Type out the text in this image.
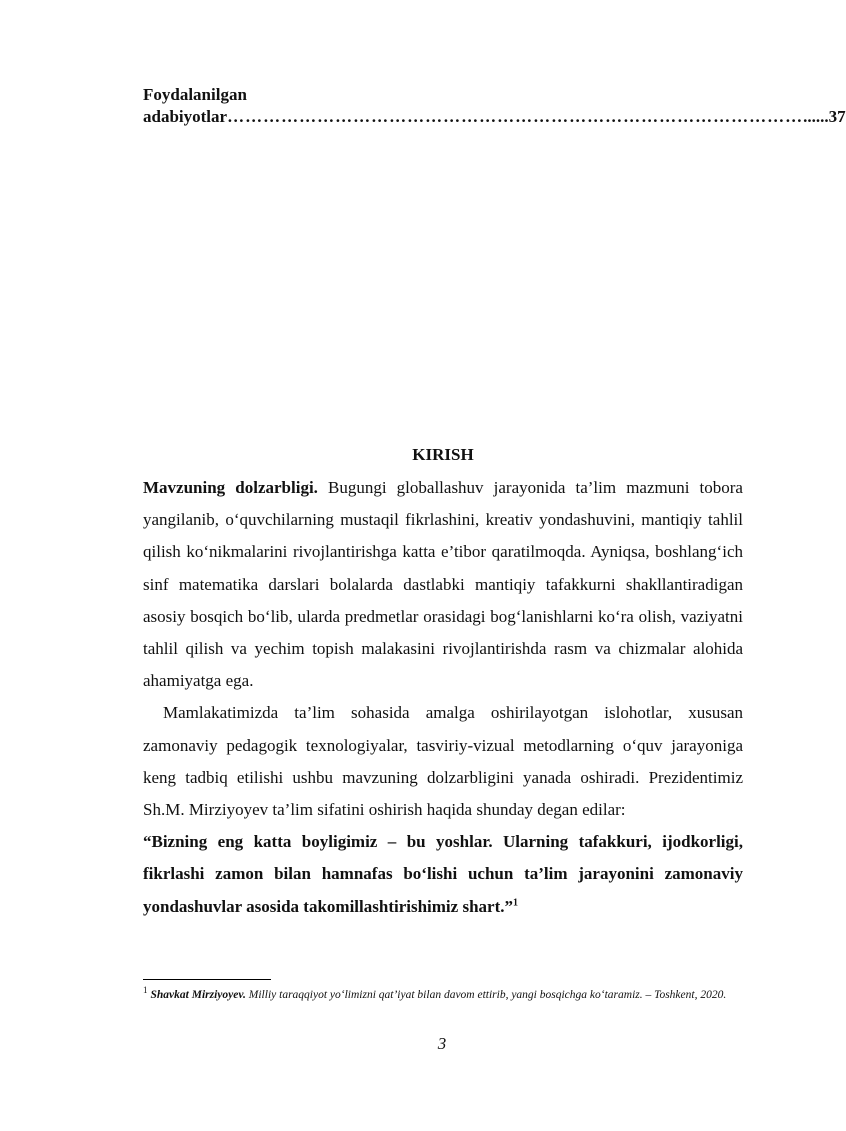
Foydalanilgan
adabiyotlar …………………………………………………………………………………… ......37
KIRISH

Mavzuning dolzarbligi. Bugungi globallashuv jarayonida ta’lim mazmuni tobora yangilanib, o‘quvchilarning mustaqil fikrlashini, kreativ yondashuvini, mantiqiy tahlil qilish ko‘nikmalarini rivojlantirishga katta e’tibor qaratilmoqda. Ayniqsa, boshlang‘ich sinf matematika darslari bolalarda dastlabki mantiqiy tafakkurni shakllantiradigan asosiy bosqich bo‘lib, ularda predmetlar orasidagi bog‘lanishlarni ko‘ra olish, vaziyatni tahlil qilish va yechim topish malakasini rivojlantirishda rasm va chizmalar alohida ahamiyatga ega.

Mamlakatimizda ta’lim sohasida amalga oshirilayotgan islohotlar, xususan zamonaviy pedagogik texnologiyalar, tasviriy-vizual metodlarning o‘quv jarayoniga keng tadbiq etilishi ushbu mavzuning dolzarbligini yanada oshiradi. Prezidentimiz Sh.M. Mirziyoyev ta’lim sifatini oshirish haqida shunday degan edilar:

“Bizning eng katta boyligimiz – bu yoshlar. Ularning tafakkuri, ijodkorligi, fikrlashi zamon bilan hamnafas bo‘lishi uchun ta’lim jarayonini zamonaviy yondashuvlar asosida takomillashtirishimiz shart.”$^1$

$^1$ Shavkat Mirziyoyev. Milliy taraqqiyot yo‘limizni qat’iyat bilan davom ettirib, yangi bosqichga ko‘taramiz. – Toshkent, 2020.
3
